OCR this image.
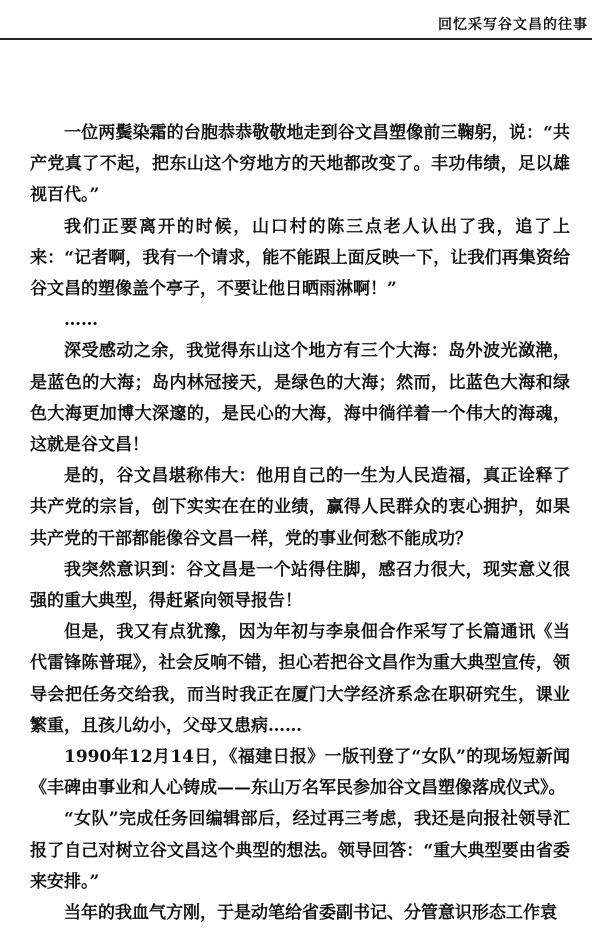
回忆采写谷文昌的往事

一位两鬓染霜的台胞恭恭敬敬地走到谷文昌塑像前三鞠躬，说：“共产党真了不起，把东山这个穷地方的天地都改变了。丰功伟绩，足以雄视百代。”

我们正要离开的时候，山口村的陈三点老人认出了我，追了上来：“记者啊，我有一个请求，能不能跟上面反映一下，让我们再集资给谷文昌的塑像盖个亭子，不要让他日晒雨淋啊！”

……

深受感动之余，我觉得东山这个地方有三个大海：岛外波光潋滟，是蓝色的大海；岛内林冠接天，是绿色的大海；然而，比蓝色大海和绿色大海更加博大深邃的，是民心的大海，海中徜徉着一个伟大的海魂，这就是谷文昌！

是的，谷文昌堪称伟大：他用自己的一生为人民造福，真正诠释了共产党的宗旨，创下实实在在的业绩，赢得人民群众的衷心拥护，如果共产党的干部都能像谷文昌一样，党的事业何愁不能成功？

我突然意识到：谷文昌是一个站得住脚，感召力很大，现实意义很强的重大典型，得赶紧向领导报告！

但是，我又有点犹豫，因为年初与李泉佃合作采写了长篇通讯《当代雷锋陈普琨》，社会反响不错，担心若把谷文昌作为重大典型宣传，领导会把任务交给我，而当时我正在厦门大学经济系念在职研究生，课业繁重，且孩儿幼小，父母又患病……

1990年12月14日，《福建日报》一版刊登了“女队”的现场短新闻《丰碑由事业和人心铸成——东山万名军民参加谷文昌塑像落成仪式》。

“女队”完成任务回编辑部后，经过再三考虑，我还是向报社领导汇报了自己对树立谷文昌这个典型的想法。领导回答：“重大典型要由省委来安排。”

当年的我血气方刚，于是动笔给省委副书记、分管意识形态工作袁
